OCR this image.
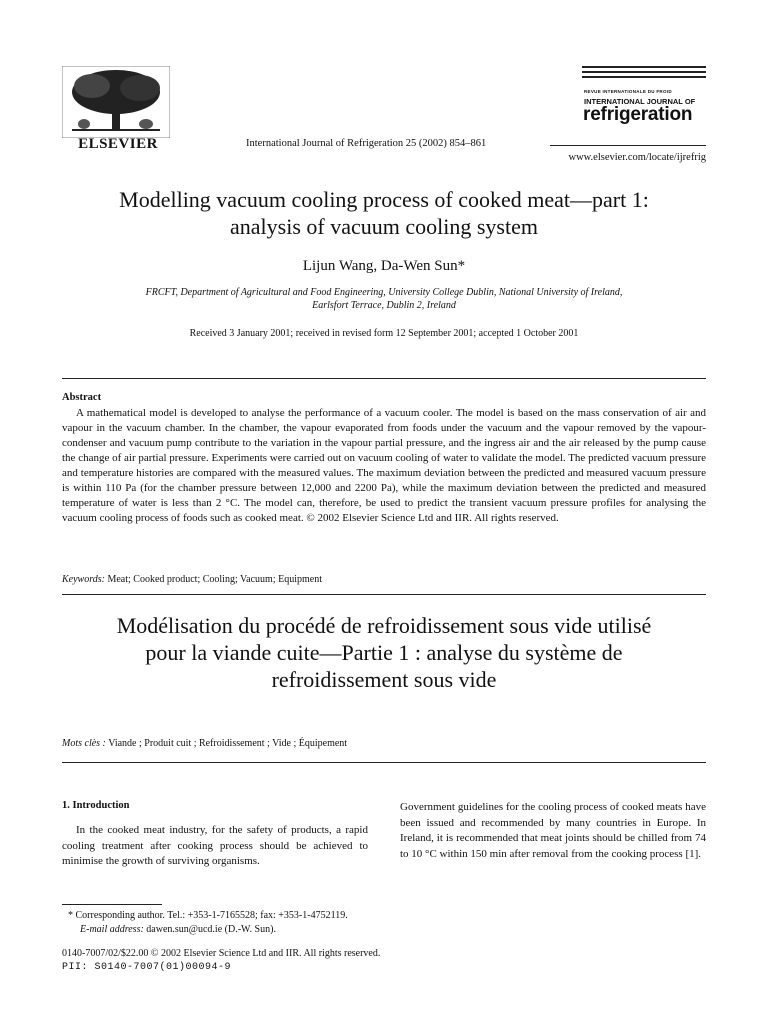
ELSEVIER	International Journal of Refrigeration 25 (2002) 854–861
REVUE INTERNATIONALE DU FROID
INTERNATIONAL JOURNAL OF
refrigeration
www.elsevier.com/locate/ijrefrig
Modelling vacuum cooling process of cooked meat—part 1:
analysis of vacuum cooling system
Lijun Wang, Da-Wen Sun*
FRCFT, Department of Agricultural and Food Engineering, University College Dublin, National University of Ireland,
Earlsfort Terrace, Dublin 2, Ireland
Received 3 January 2001; received in revised form 12 September 2001; accepted 1 October 2001
Abstract

A mathematical model is developed to analyse the performance of a vacuum cooler. The model is based on the mass conservation of air and vapour in the vacuum chamber. In the chamber, the vapour evaporated from foods under the vacuum and the vapour removed by the vapour-condenser and vacuum pump contribute to the variation in the vapour partial pressure, and the ingress air and the air released by the pump cause the change of air partial pressure. Experiments were carried out on vacuum cooling of water to validate the model. The predicted vacuum pressure and temperature histories are compared with the measured values. The maximum deviation between the predicted and measured vacuum pressure is within 110 Pa (for the chamber pressure between 12,000 and 2200 Pa), while the maximum deviation between the predicted and measured temperature of water is less than 2 °C. The model can, therefore, be used to predict the transient vacuum pressure profiles for analysing the vacuum cooling process of foods such as cooked meat. © 2002 Elsevier Science Ltd and IIR. All rights reserved.

Keywords: Meat; Cooked product; Cooling; Vacuum; Equipment
Modélisation du procédé de refroidissement sous vide utilisé
pour la viande cuite—Partie 1 : analyse du système de
refroidissement sous vide
Mots clès : Viande ; Produit cuit ; Refroidissement ; Vide ; Équipement

1. Introduction

In the cooked meat industry, for the safety of products, a rapid cooling treatment after cooking process should be achieved to minimise the growth of surviving organisms.

Government guidelines for the cooling process of cooked meats have been issued and recommended by many countries in Europe. In Ireland, it is recommended that meat joints should be chilled from 74 to 10 °C within 150 min after removal from the cooking process [1].

* Corresponding author. Tel.: +353-1-7165528; fax: +353-1-4752119.
E-mail address: dawen.sun@ucd.ie (D.-W. Sun).
0140-7007/02/$22.00 © 2002 Elsevier Science Ltd and IIR. All rights reserved.
PII: S0140-7007(01)00094-9
